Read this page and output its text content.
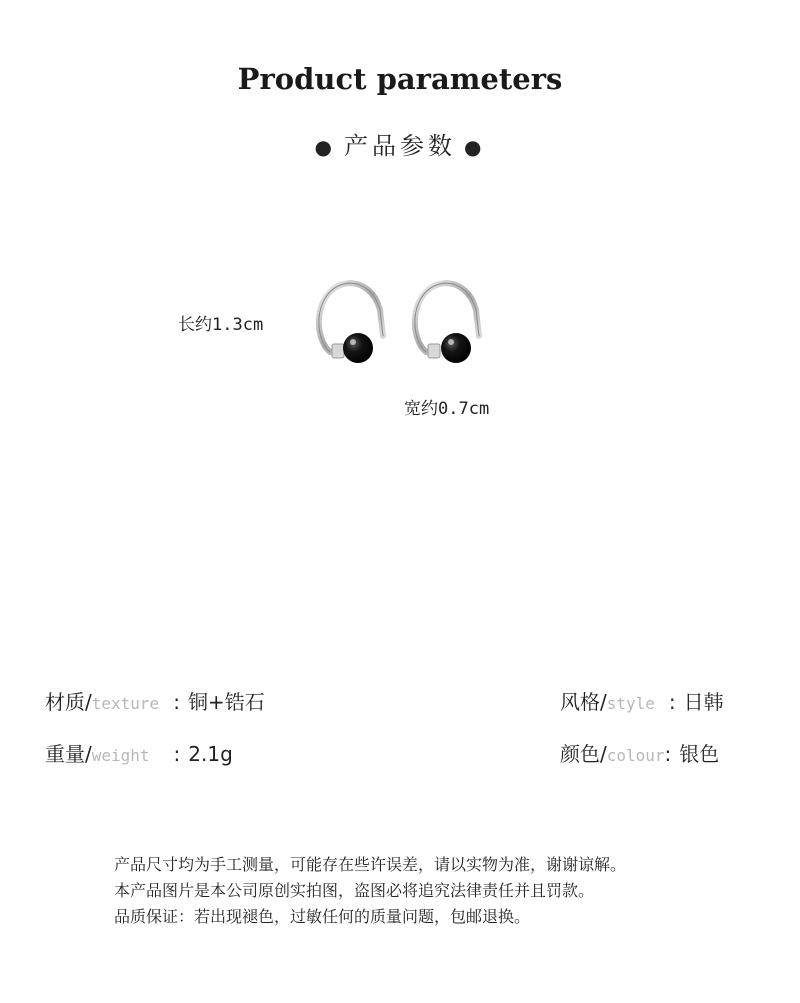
Product parameters
● 产品参数 ●
长约1.3cm
宽约0.7cm
材质/texture : 铜+锆石	风格/style : 日韩
重量/weight : 2.1g	颜色/colour: 银色
产品尺寸均为手工测量，可能存在些许误差，请以实物为准，谢谢谅解。
本产品图片是本公司原创实拍图，盗图必将追究法律责任并且罚款。
品质保证：若出现褪色，过敏任何的质量问题，包邮退换。
